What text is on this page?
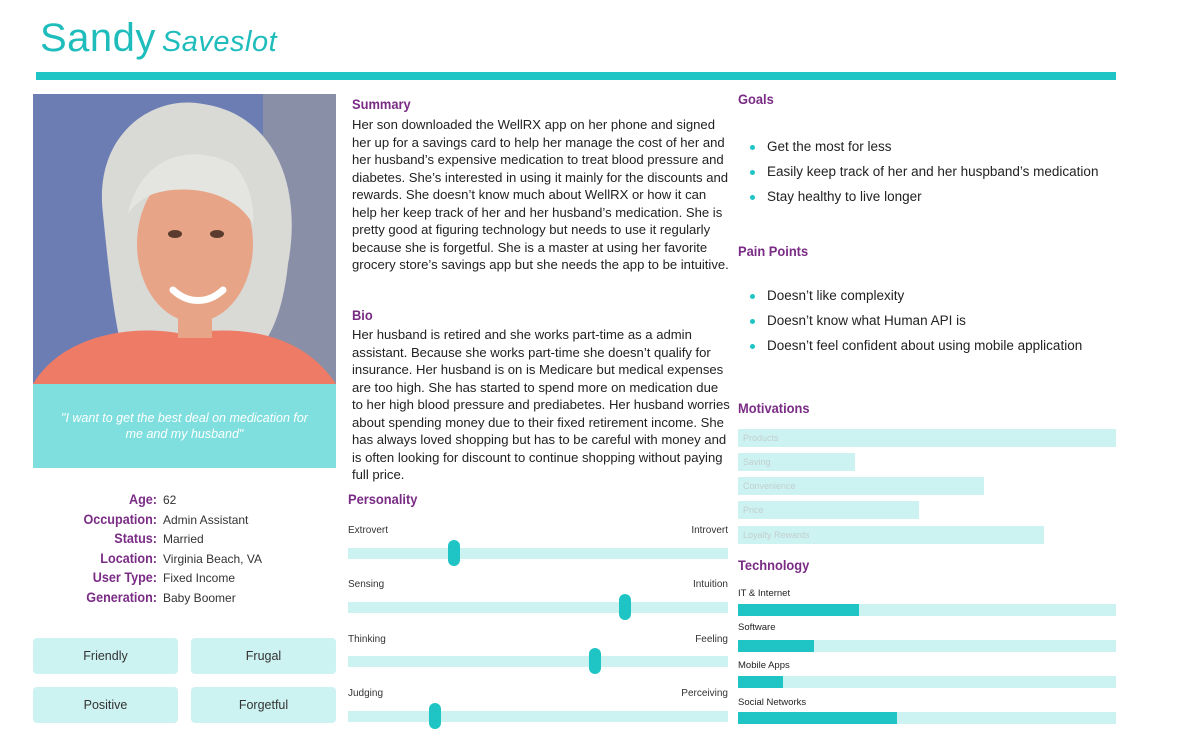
Sandy Saveslot
"I want to get the best deal on medication for me and my husband"
Age: 62
Occupation: Admin Assistant
Status: Married
Location: Virginia Beach, VA
User Type: Fixed Income
Generation: Baby Boomer
Friendly	Frugal
Positive	Forgetful
Summary
Her son downloaded the WellRX app on her phone and signed her up for a savings card to help her manage the cost of her and her husband’s expensive medication to treat blood pressure and diabetes. She’s interested in using it mainly for the discounts and rewards. She doesn’t know much about WellRX or how it can help her keep track of her and her husband’s medication. She is pretty good at figuring technology but needs to use it regularly because she is forgetful. She is a master at using her favorite grocery store’s savings app but she needs the app to be intuitive.
Bio
Her husband is retired and she works part-time as a admin assistant. Because she works part-time she doesn’t qualify for insurance. Her husband is on is Medicare but medical expenses are too high. She has started to spend more on medication due to her high blood pressure and prediabetes. Her husband worries about spending money due to their fixed retirement income. She has always loved shopping but has to be careful with money and is often looking for discount to continue shopping without paying full price.
Personality
Extrovert	Introvert
Sensing	Intuition
Thinking	Feeling
Judging	Perceiving
Goals
Get the most for less
Easily keep track of her and her huspband’s medication
Stay healthy to live longer
Pain Points
Doesn’t like complexity
Doesn’t know what Human API is
Doesn’t feel confident about using mobile application
Motivations
Products
Saving
Convenience
Price
Loyalty Rewards
Technology
IT & Internet
Software
Mobile Apps
Social Networks
